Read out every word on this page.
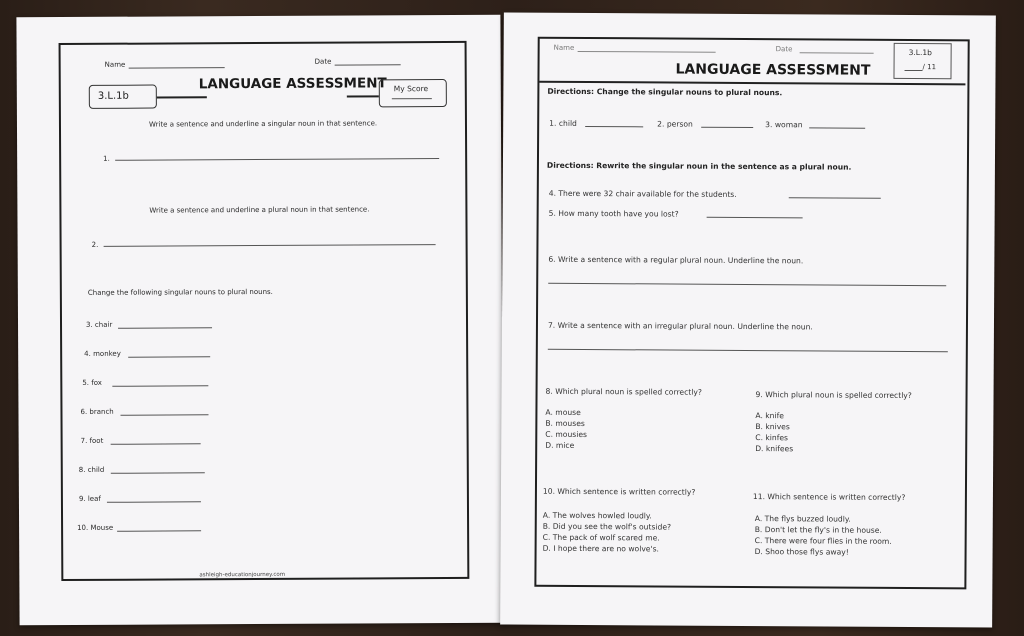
Name	Date
3.L.1b
LANGUAGE ASSESSMENT My Score
Write a sentence and underline a singular noun in that sentence.
1.
Write a sentence and underline a plural noun in that sentence.
2.
Change the following singular nouns to plural nouns.
3. chair
4. monkey
5. fox
6. branch
7. foot
8. child
9. leaf
10. Mouse
ashleigh-educationjourney.com
Name	Date	3.L.1b
/ 11
LANGUAGE ASSESSMENT
Directions: Change the singular nouns to plural nouns.
1. child	2. person	3. woman
Directions: Rewrite the singular noun in the sentence as a plural noun.
4. There were 32 chair available for the students.
5. How many tooth have you lost?
6. Write a sentence with a regular plural noun. Underline the noun.
7. Write a sentence with an irregular plural noun. Underline the noun.
8. Which plural noun is spelled correctly?
A. mouse
B. mouses
C. mousies
D. mice
9. Which plural noun is spelled correctly?
A. knife
B. knives
C. kinfes
D. knifees
10. Which sentence is written correctly?
A. The wolves howled loudly.
B. Did you see the wolf's outside?
C. The pack of wolf scared me.
D. I hope there are no wolve's.
11. Which sentence is written correctly?
A. The flys buzzed loudly.
B. Don't let the fly's in the house.
C. There were four flies in the room.
D. Shoo those flys away!
